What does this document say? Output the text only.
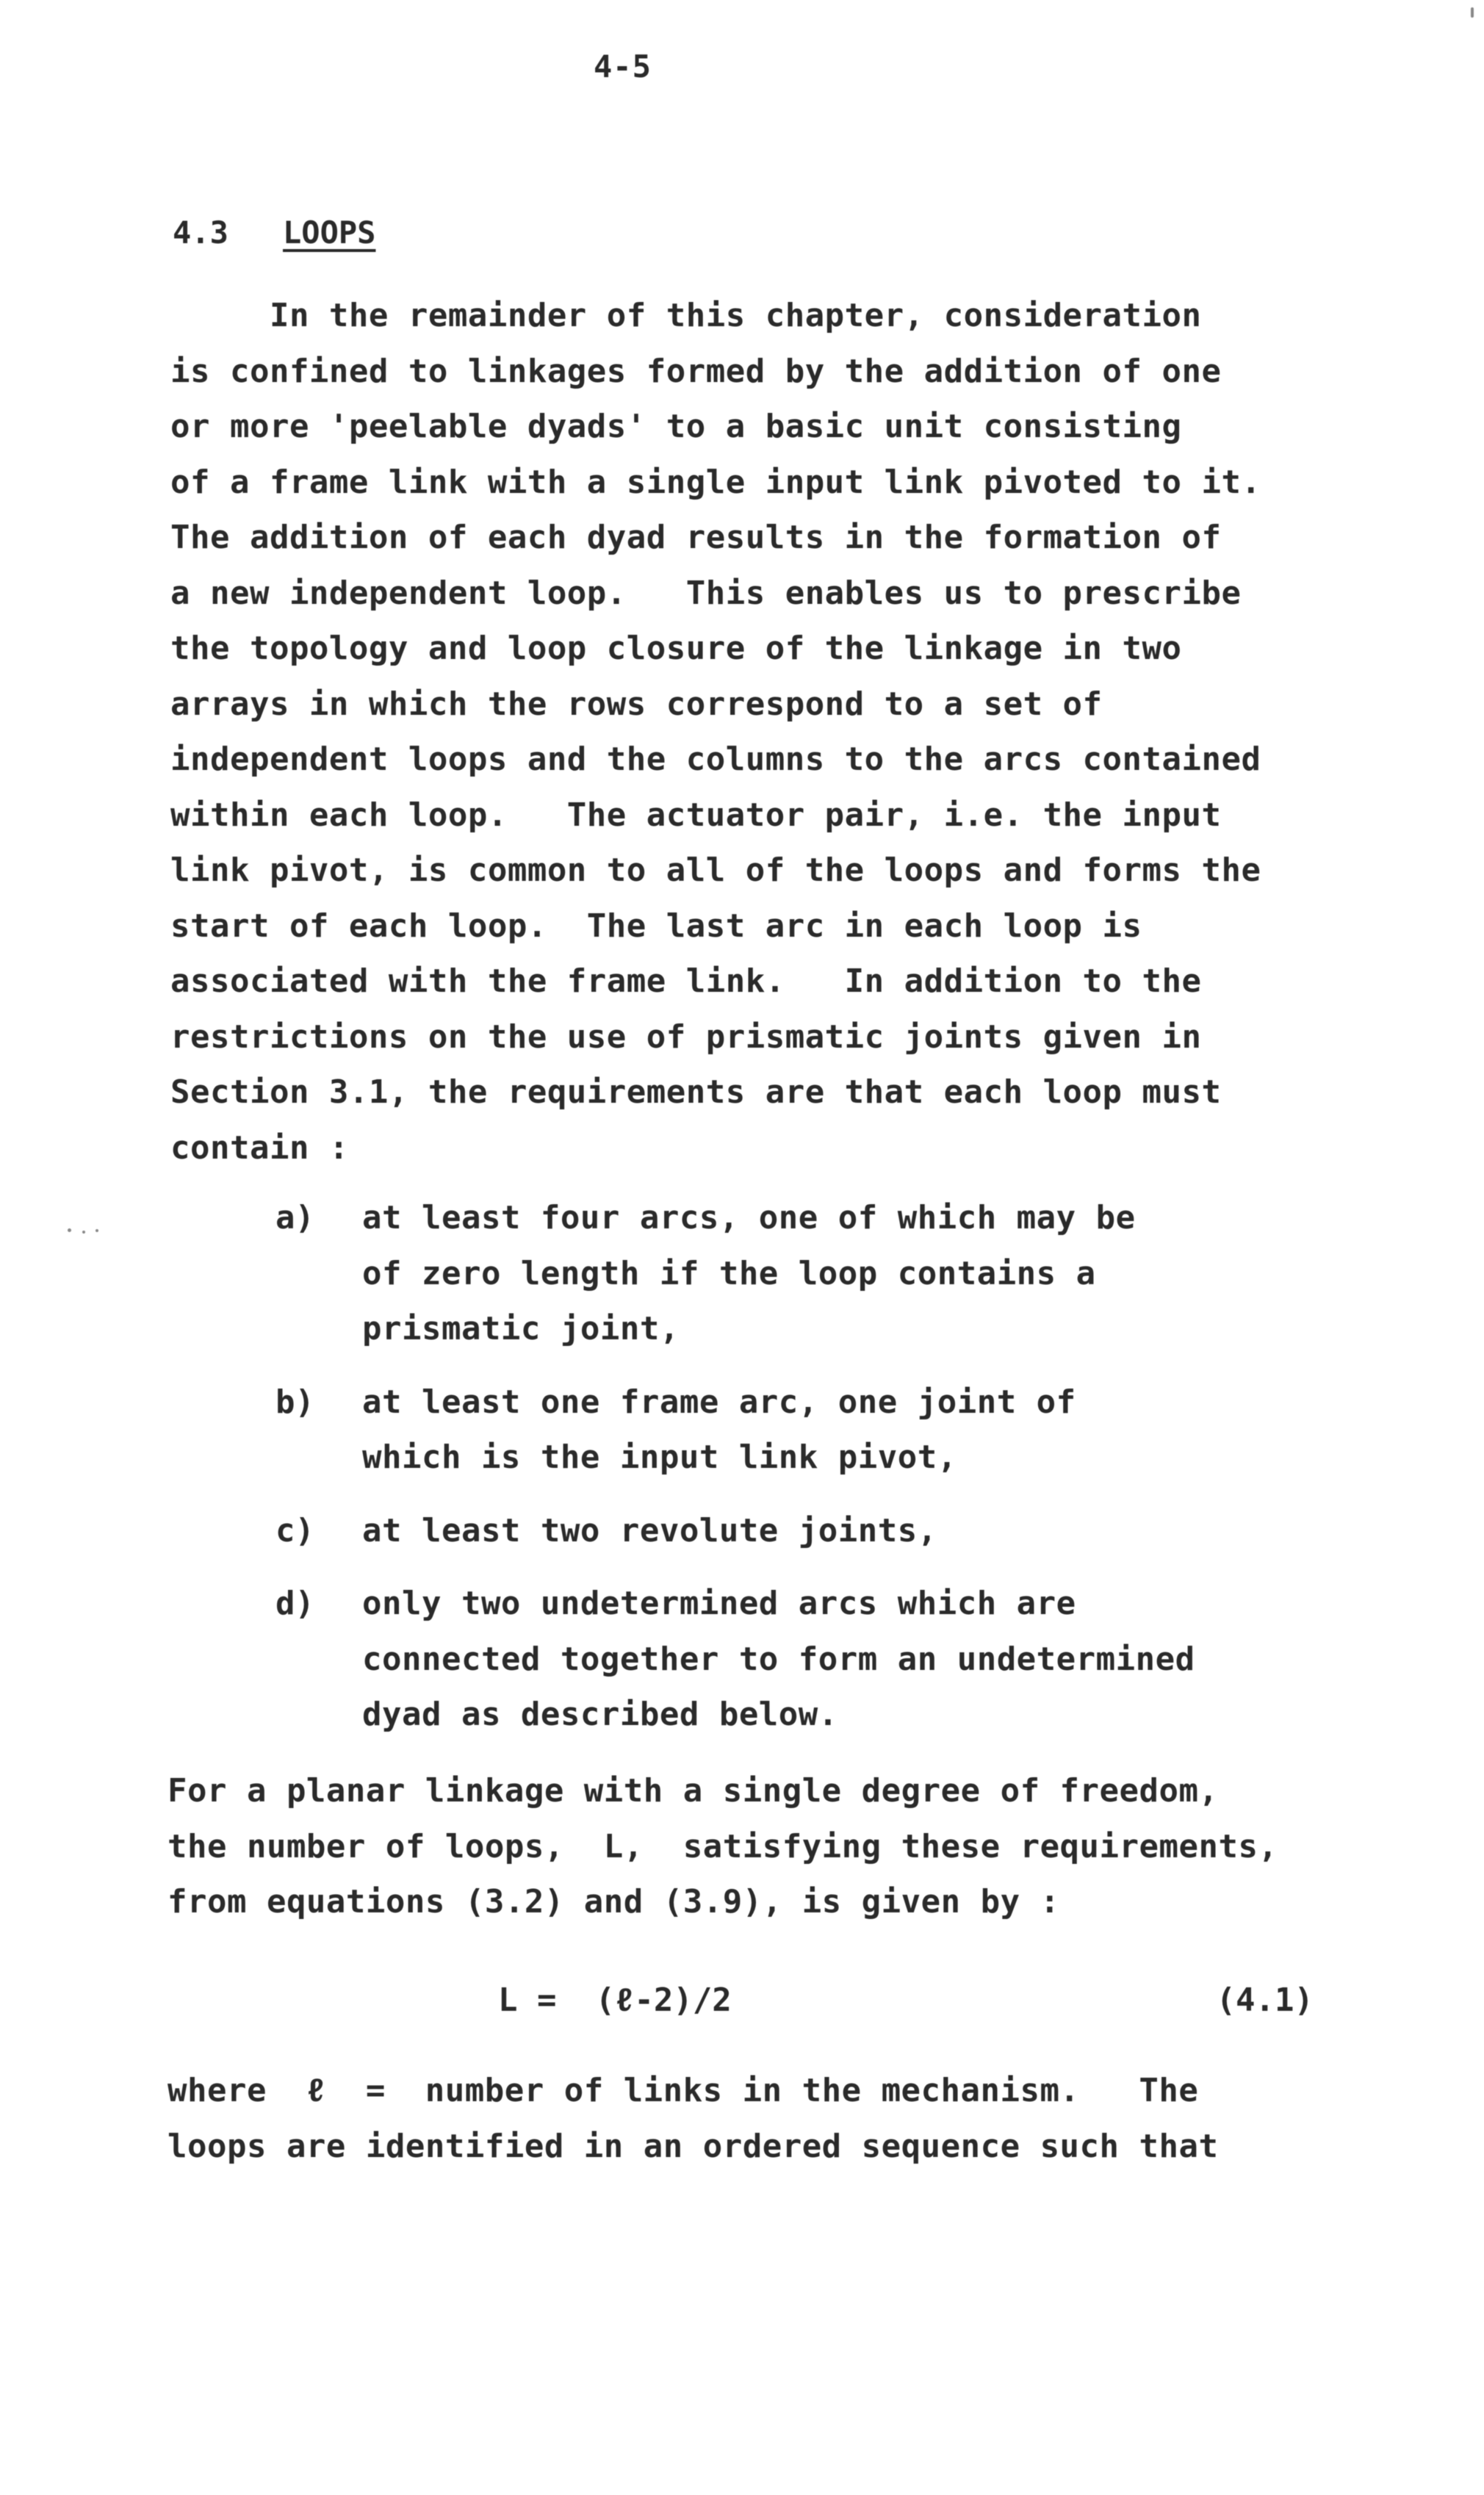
4-5
4.3 LOOPS
In the remainder of this chapter, consideration
is confined to linkages formed by the addition of one
or more 'peelable dyads' to a basic unit consisting
of a frame link with a single input link pivoted to it.
The addition of each dyad results in the formation of
a new independent loop.   This enables us to prescribe
the topology and loop closure of the linkage in two
arrays in which the rows correspond to a set of
independent loops and the columns to the arcs contained
within each loop.   The actuator pair, i.e. the input
link pivot, is common to all of the loops and forms the
start of each loop.  The last arc in each loop is
associated with the frame link.   In addition to the
restrictions on the use of prismatic joints given in
Section 3.1, the requirements are that each loop must
contain :
a)	at least four arcs, one of which may be
of zero length if the loop contains a
prismatic joint,
b)	at least one frame arc, one joint of
which is the input link pivot,
c)	at least two revolute joints,
d)	only two undetermined arcs which are
connected together to form an undetermined
dyad as described below.
For a planar linkage with a single degree of freedom,
the number of loops,  L,  satisfying these requirements,
from equations (3.2) and (3.9), is given by :
L =  (ℓ-2)/2	(4.1)
where  ℓ  =  number of links in the mechanism.   The
loops are identified in an ordered sequence such that
